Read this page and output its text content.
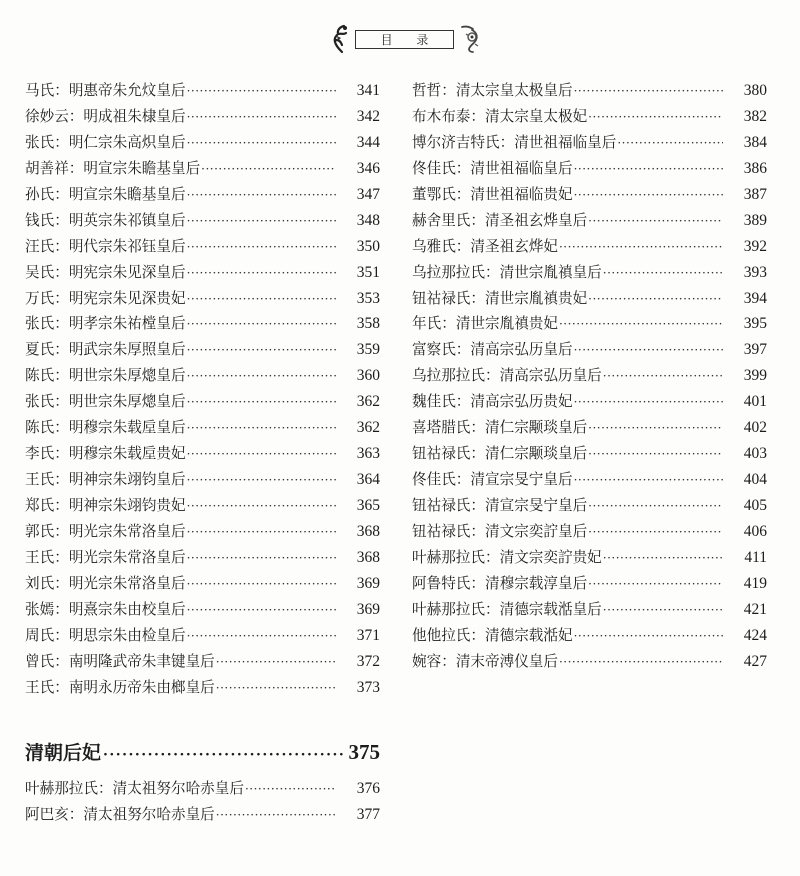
目 录
马氏 ： 明惠帝朱允炆皇后 ·····	341
徐妙云 ： 明成祖朱棣皇后 ·····	342
张氏 ： 明仁宗朱高炽皇后 ·····	344
胡善祥 ： 明宣宗朱瞻基皇后 ·····	346
孙氏 ： 明宣宗朱瞻基皇后 ·····	347
钱氏 ： 明英宗朱祁镇皇后 ·····	348
汪氏 ： 明代宗朱祁钰皇后 ·····	350
吴氏 ： 明宪宗朱见深皇后 ·····	351
万氏 ： 明宪宗朱见深贵妃 ·····	353
张氏 ： 明孝宗朱祐樘皇后 ·····	358
夏氏 ： 明武宗朱厚照皇后 ·····	359
陈氏 ： 明世宗朱厚熜皇后 ·····	360
张氏 ： 明世宗朱厚熜皇后 ·····	362
陈氏 ： 明穆宗朱载垕皇后 ·····	362
李氏 ： 明穆宗朱载垕贵妃 ·····	363
王氏 ： 明神宗朱翊钧皇后 ·····	364
郑氏 ： 明神宗朱翊钧贵妃 ·····	365
郭氏 ： 明光宗朱常洛皇后 ·····	368
王氏 ： 明光宗朱常洛皇后 ·····	368
刘氏 ： 明光宗朱常洛皇后 ·····	369
张嫣 ： 明熹宗朱由校皇后 ·····	369
周氏 ： 明思宗朱由检皇后 ·····	371
曾氏 ： 南明隆武帝朱聿键皇后 ·····	372
王氏 ： 南明永历帝朱由榔皇后 ·····	373
清朝后妃 ·····	375
叶赫那拉氏 ： 清太祖努尔哈赤皇后 ·····	376
阿巴亥 ： 清太祖努尔哈赤皇后 ·····	377
哲哲 ： 清太宗皇太极皇后 ·····	380
布木布泰 ： 清太宗皇太极妃 ·····	382
博尔济吉特氏 ： 清世祖福临皇后 ·····	384
佟佳氏 ： 清世祖福临皇后 ·····	386
董鄂氏 ： 清世祖福临贵妃 ·····	387
赫舍里氏 ： 清圣祖玄烨皇后 ·····	389
乌雅氏 ： 清圣祖玄烨妃 ·····	392
乌拉那拉氏 ： 清世宗胤禛皇后 ·····	393
钮祜禄氏 ： 清世宗胤禛贵妃 ·····	394
年氏 ： 清世宗胤禛贵妃 ·····	395
富察氏 ： 清高宗弘历皇后 ·····	397
乌拉那拉氏 ： 清高宗弘历皇后 ·····	399
魏佳氏 ： 清高宗弘历贵妃 ·····	401
喜塔腊氏 ： 清仁宗颙琰皇后 ·····	402
钮祜禄氏 ： 清仁宗颙琰皇后 ·····	403
佟佳氏 ： 清宣宗旻宁皇后 ·····	404
钮祜禄氏 ： 清宣宗旻宁皇后 ·····	405
钮祜禄氏 ： 清文宗奕詝皇后 ·····	406
叶赫那拉氏 ： 清文宗奕詝贵妃 ·····	411
阿鲁特氏 ： 清穆宗载淳皇后 ·····	419
叶赫那拉氏 ： 清德宗载湉皇后 ·····	421
他他拉氏 ： 清德宗载湉妃 ·····	424
婉容 ： 清末帝溥仪皇后 ·····	427
